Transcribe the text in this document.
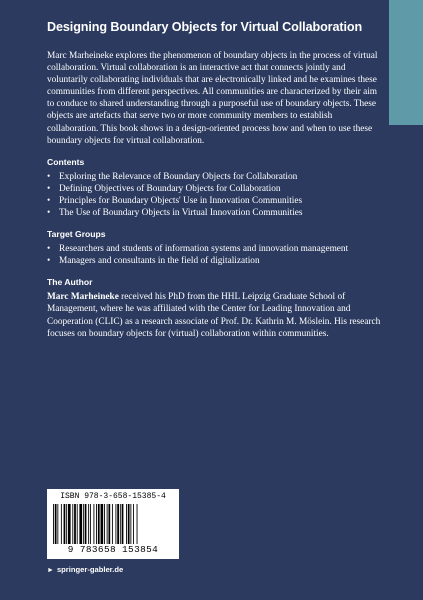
Designing Boundary Objects for Virtual Collaboration

Marc Marheineke explores the phenomenon of boundary objects in the process of virtual collaboration. Virtual collaboration is an interactive act that connects jointly and voluntarily collaborating individuals that are electronically linked and he examines these communities from different perspectives. All communities are characterized by their aim to conduce to shared understanding through a purposeful use of boundary objects. These objects are artefacts that serve two or more community members to establish collaboration. This book shows in a design-oriented process how and when to use these boundary objects for virtual collaboration.

Contents
• Exploring the Relevance of Boundary Objects for Collaboration
• Defining Objectives of Boundary Objects for Collaboration
• Principles for Boundary Objects' Use in Innovation Communities
• The Use of Boundary Objects in Virtual Innovation Communities
Target Groups
• Researchers and students of information systems and innovation management
• Managers and consultants in the field of digitalization
The Author

Marc Marheineke received his PhD from the HHL Leipzig Graduate School of Management, where he was affiliated with the Center for Leading Innovation and Cooperation (CLIC) as a research associate of Prof. Dr. Kathrin M. Möslein. His research focuses on boundary objects for (virtual) collaboration within communities.

ISBN 978-3-658-15385-4
9 783658 153854
► springer-gabler.de
